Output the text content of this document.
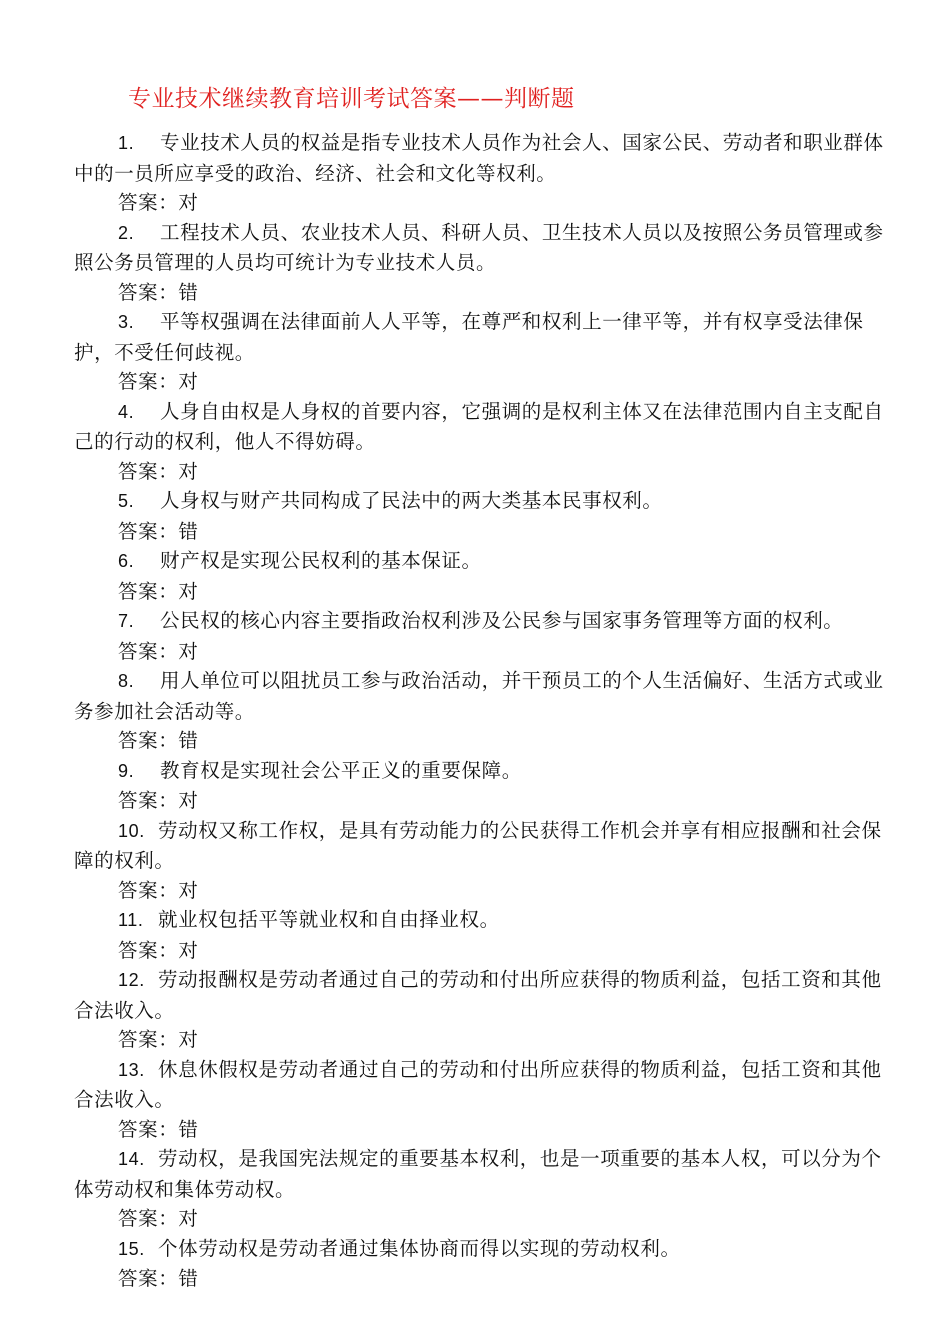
专业技术继续教育培训考试答案——判断题

1. 专业技术人员的权益是指专业技术人员作为社会人、国家公民、劳动者和职业群体中的一员所应享受的政治、经济、社会和文化等权利。

答案：对

2. 工程技术人员、农业技术人员、科研人员、卫生技术人员以及按照公务员管理或参照公务员管理的人员均可统计为专业技术人员。

答案：错

3. 平等权强调在法律面前人人平等，在尊严和权利上一律平等，并有权享受法律保护，不受任何歧视。

答案：对

4. 人身自由权是人身权的首要内容，它强调的是权利主体又在法律范围内自主支配自己的行动的权利，他人不得妨碍。

答案：对

5. 人身权与财产共同构成了民法中的两大类基本民事权利。

答案：错

6. 财产权是实现公民权利的基本保证。

答案：对

7. 公民权的核心内容主要指政治权利涉及公民参与国家事务管理等方面的权利。

答案：对

8. 用人单位可以阻扰员工参与政治活动，并干预员工的个人生活偏好、生活方式或业务参加社会活动等。

答案：错

9. 教育权是实现社会公平正义的重要保障。

答案：对

10. 劳动权又称工作权，是具有劳动能力的公民获得工作机会并享有相应报酬和社会保障的权利。

答案：对

11. 就业权包括平等就业权和自由择业权。

答案：对

12. 劳动报酬权是劳动者通过自己的劳动和付出所应获得的物质利益，包括工资和其他合法收入。

答案：对

13. 休息休假权是劳动者通过自己的劳动和付出所应获得的物质利益，包括工资和其他合法收入。

答案：错

14. 劳动权，是我国宪法规定的重要基本权利，也是一项重要的基本人权，可以分为个体劳动权和集体劳动权。

答案：对

15. 个体劳动权是劳动者通过集体协商而得以实现的劳动权利。

答案：错
